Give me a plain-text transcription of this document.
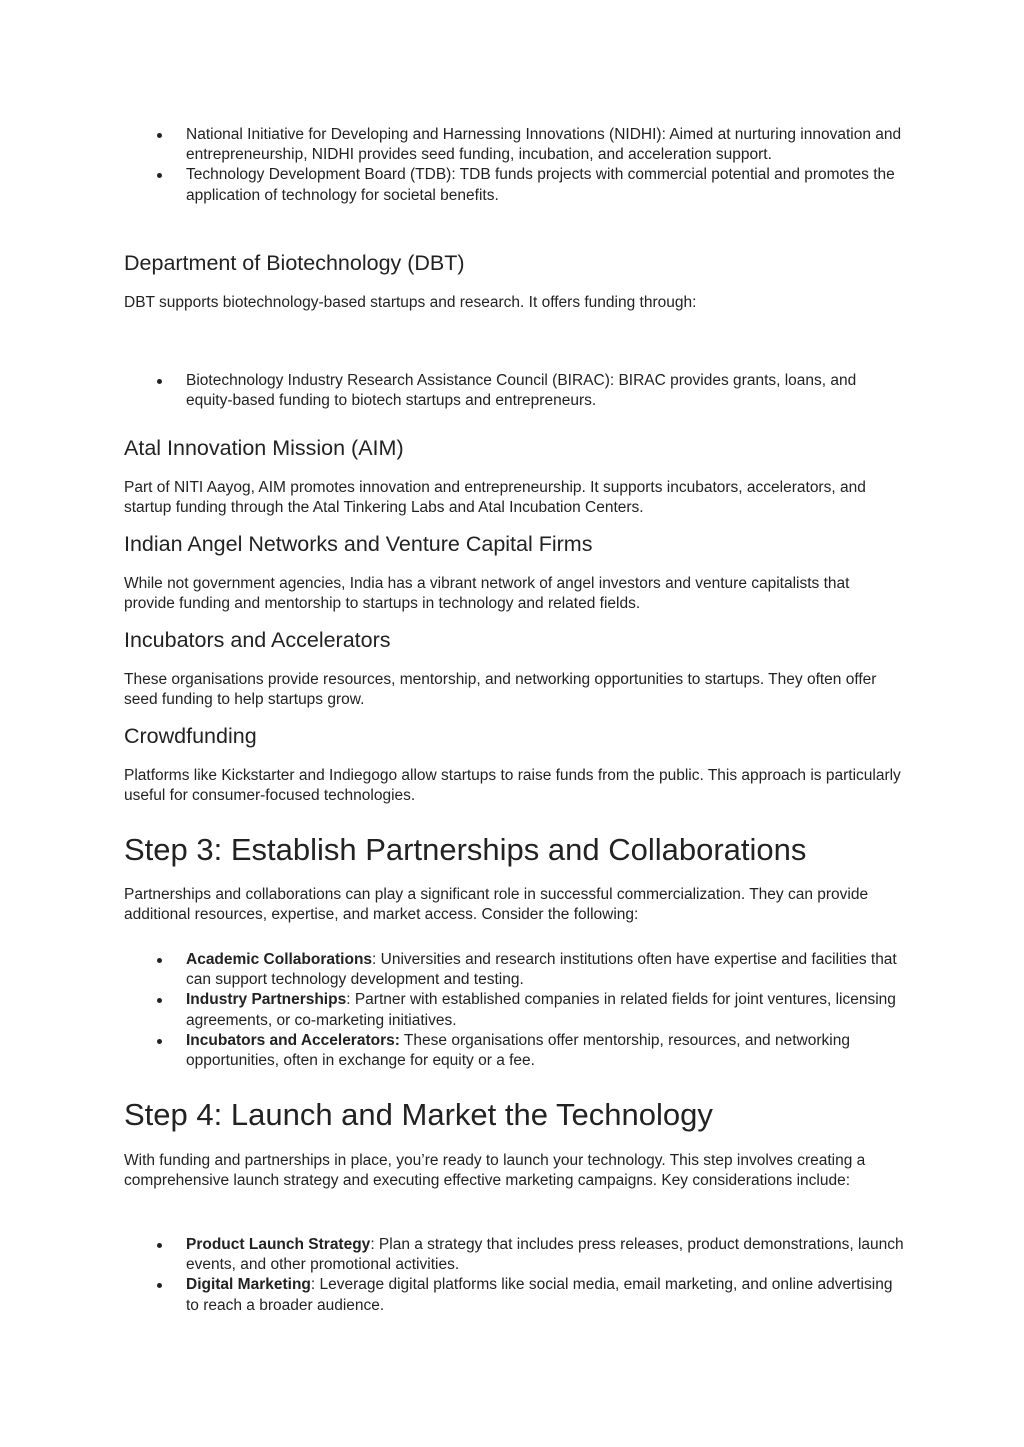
National Initiative for Developing and Harnessing Innovations (NIDHI): Aimed at nurturing innovation and entrepreneurship, NIDHI provides seed funding, incubation, and acceleration support.
Technology Development Board (TDB): TDB funds projects with commercial potential and promotes the application of technology for societal benefits.
Department of Biotechnology (DBT)

DBT supports biotechnology-based startups and research. It offers funding through:

Biotechnology Industry Research Assistance Council (BIRAC): BIRAC provides grants, loans, and equity-based funding to biotech startups and entrepreneurs.
Atal Innovation Mission (AIM)

Part of NITI Aayog, AIM promotes innovation and entrepreneurship. It supports incubators, accelerators, and startup funding through the Atal Tinkering Labs and Atal Incubation Centers.

Indian Angel Networks and Venture Capital Firms

While not government agencies, India has a vibrant network of angel investors and venture capitalists that provide funding and mentorship to startups in technology and related fields.

Incubators and Accelerators

These organisations provide resources, mentorship, and networking opportunities to startups. They often offer seed funding to help startups grow.

Crowdfunding

Platforms like Kickstarter and Indiegogo allow startups to raise funds from the public. This approach is particularly useful for consumer-focused technologies.

Step 3: Establish Partnerships and Collaborations

Partnerships and collaborations can play a significant role in successful commercialization. They can provide additional resources, expertise, and market access. Consider the following:

Academic Collaborations: Universities and research institutions often have expertise and facilities that can support technology development and testing.
Industry Partnerships: Partner with established companies in related fields for joint ventures, licensing agreements, or co-marketing initiatives.
Incubators and Accelerators: These organisations offer mentorship, resources, and networking opportunities, often in exchange for equity or a fee.
Step 4: Launch and Market the Technology

With funding and partnerships in place, you’re ready to launch your technology. This step involves creating a comprehensive launch strategy and executing effective marketing campaigns. Key considerations include:

Product Launch Strategy: Plan a strategy that includes press releases, product demonstrations, launch events, and other promotional activities.
Digital Marketing: Leverage digital platforms like social media, email marketing, and online advertising to reach a broader audience.
